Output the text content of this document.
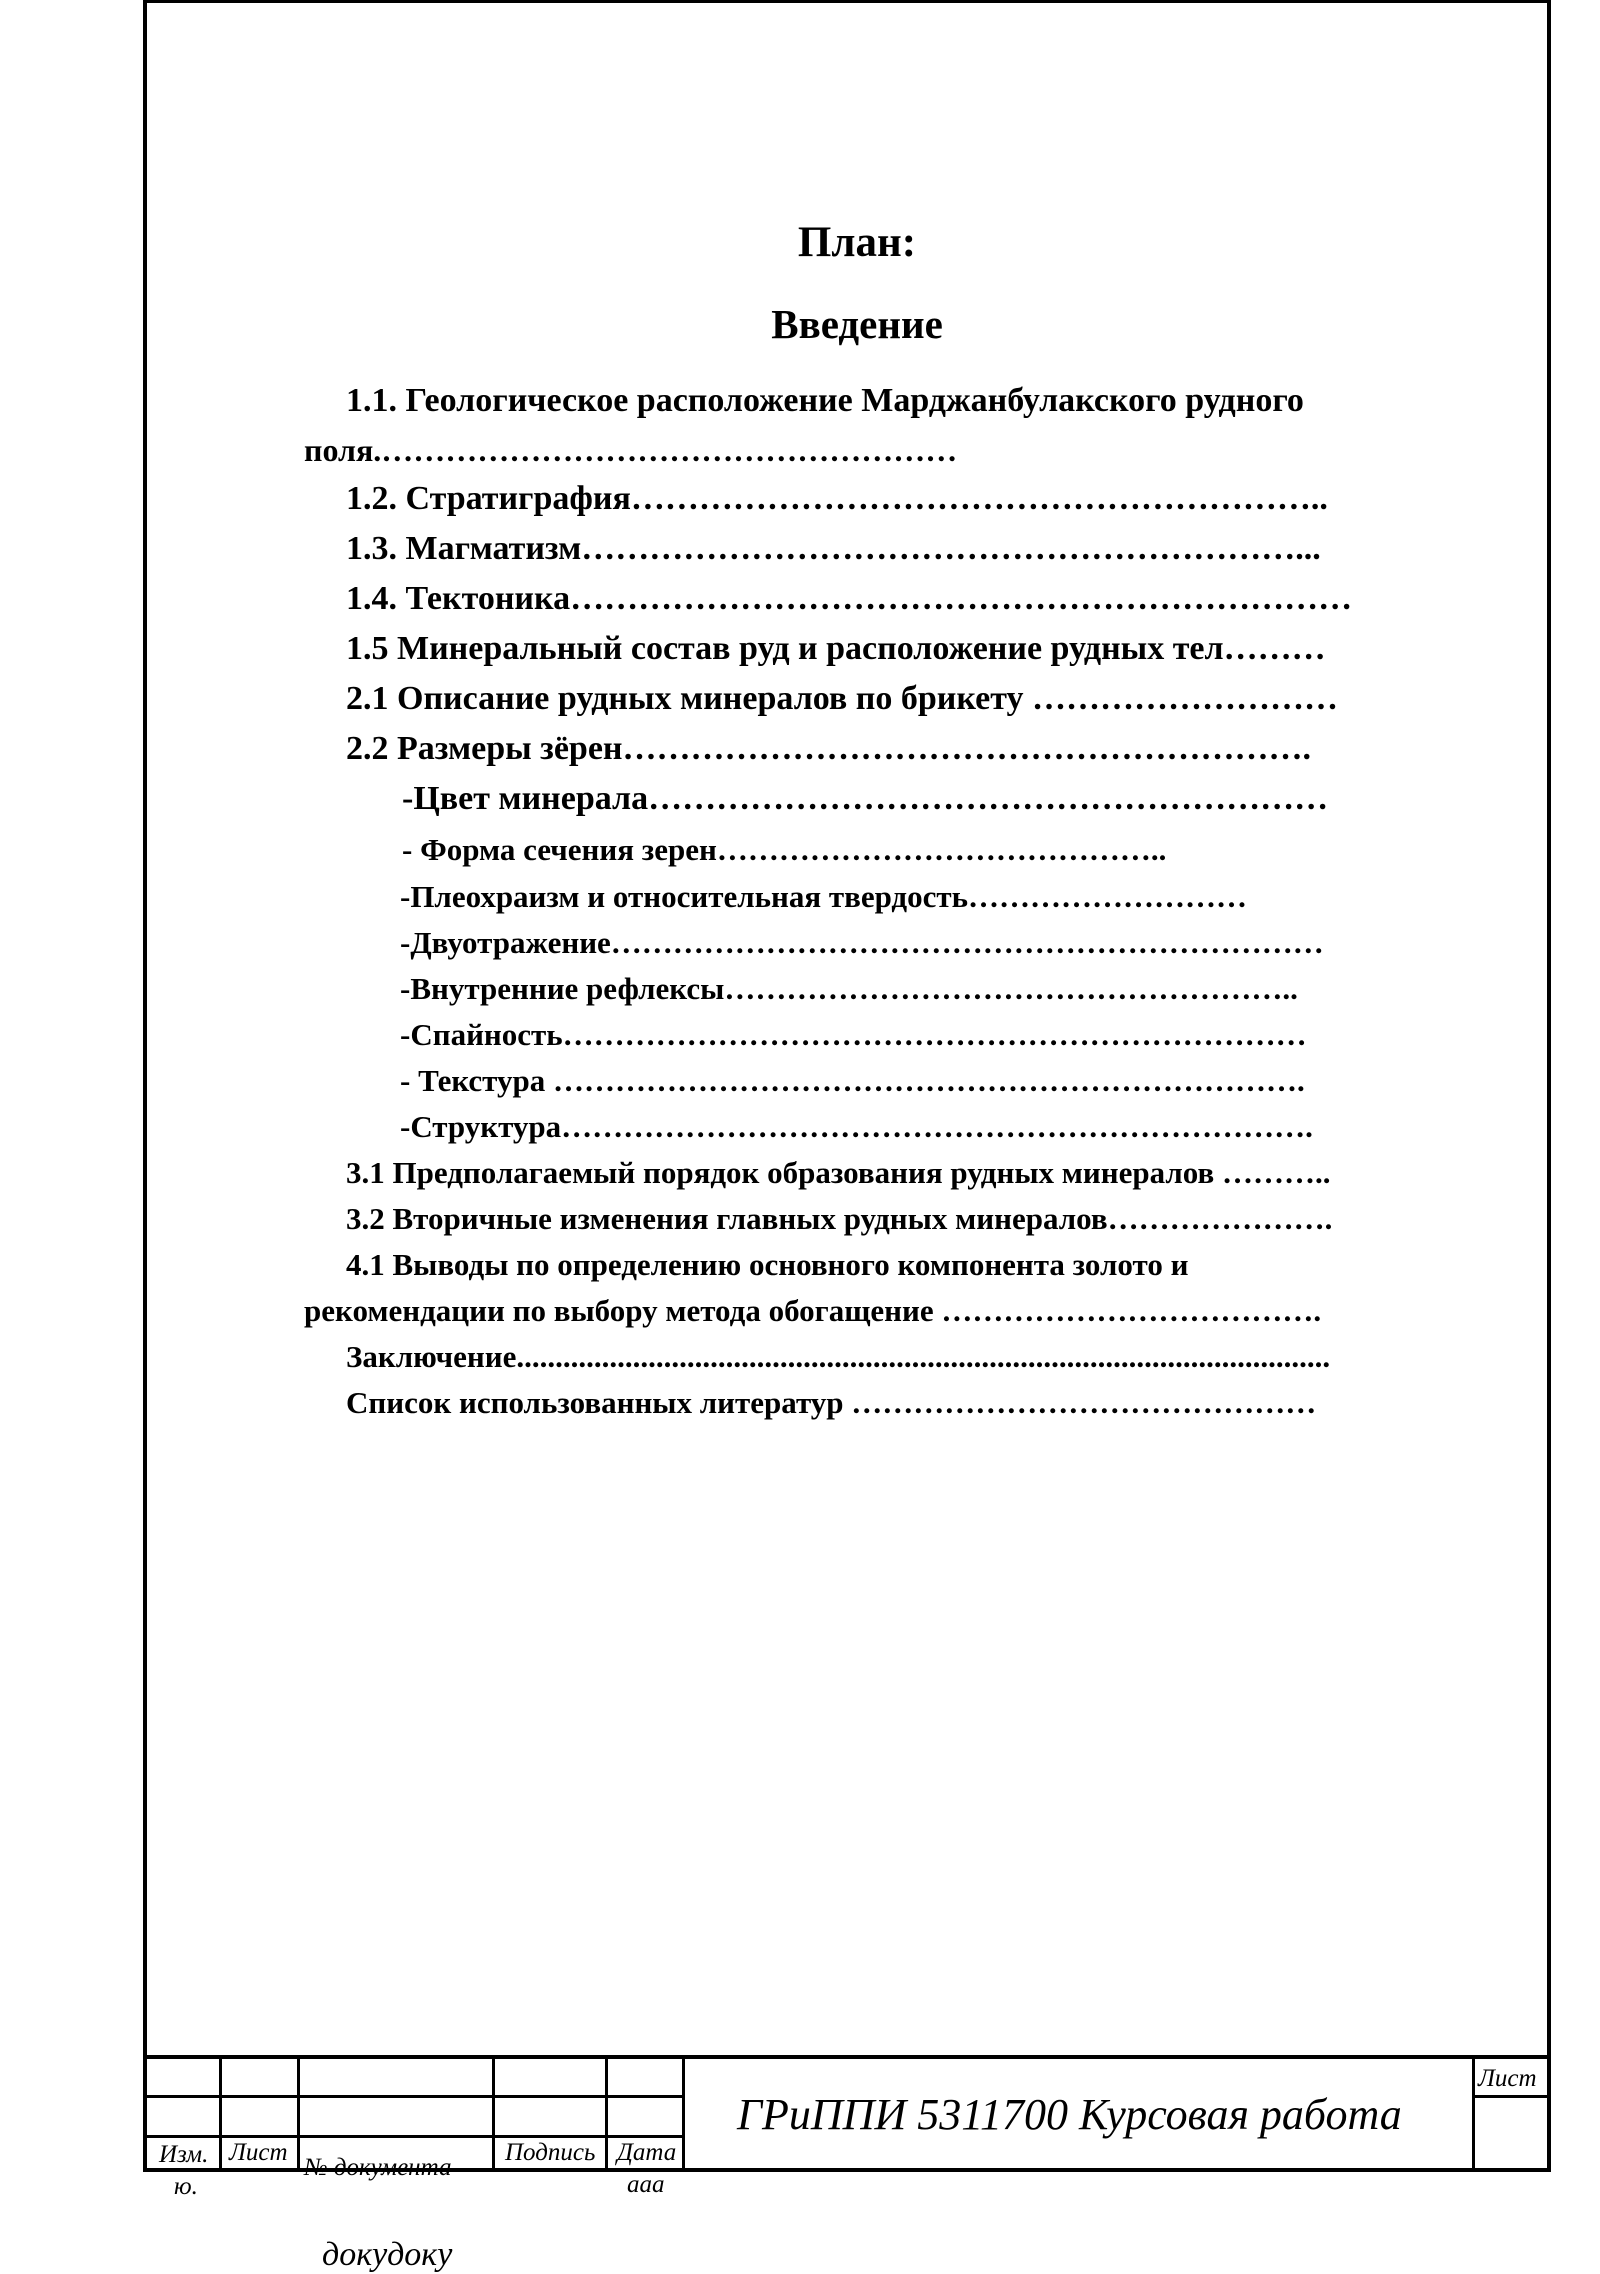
План:
Введение
1.1. Геологическое расположение Марджанбулакского рудного
поля.………………………………………………
1.2. Стратиграфия……………………………………………………..
1.3. Магматизм………………………………………………………...
1.4. Тектоника……………………………………………………………
1.5 Минеральный состав руд и расположение рудных тел………
2.1 Описание рудных минералов по брикету ………………………
2.2 Размеры зёрен…………………………………………………….
-Цвет минерала……………………………………………………
- Форма сечения зерен……………………………………..
-Плеохраизм и относительная твердость………………………
-Двуотражение……………………………………………………………
-Внутренние рефлексы………………………………………………..
-Спайность………………………………………………………………
- Текстура ……………………………………………………………….
-Структура……………………………………………………………….
3.1 Предполагаемый порядок образования рудных минералов ………..
3.2 Вторичные изменения главных рудных минералов………………….
4.1 Выводы по определению основного компонента золото и
рекомендации по выбору метода обогащение ……………………………….
Заключение.........................................................................................................
Список использованных литератур ………………………………………
Изм.
ю.
Лист
№ документа
Подпись Дата
ааа
Лист
ГРиППИ 5311700 Курсовая работа
докудоку
